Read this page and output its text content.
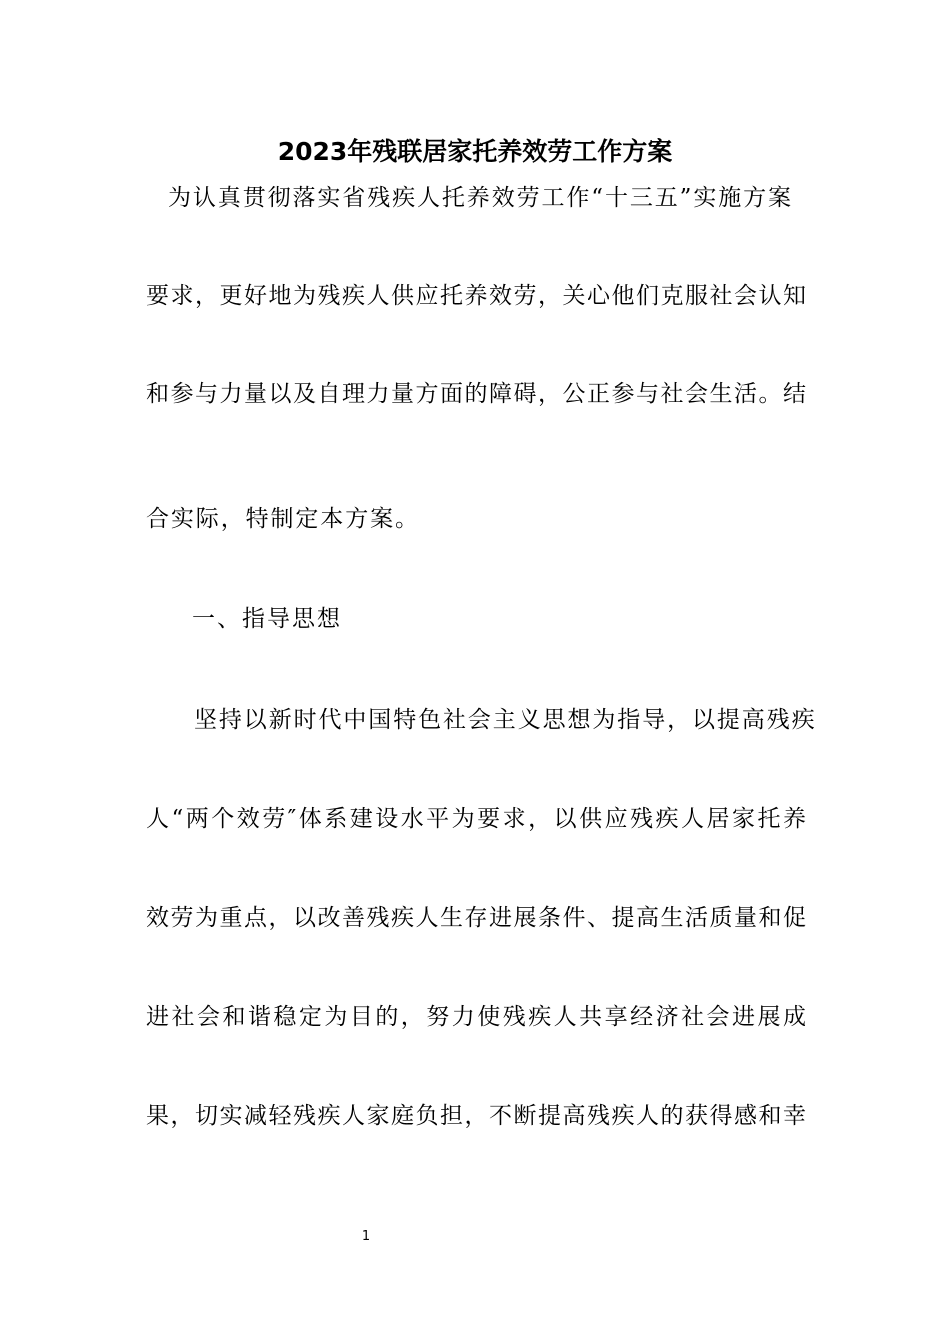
2023年残联居家托养效劳工作方案
为认真贯彻落实省残疾人托养效劳工作“十三五”实施方案
要求，更好地为残疾人供应托养效劳，关心他们克服社会认知
和参与力量以及自理力量方面的障碍，公正参与社会生活。结
合实际，特制定本方案。
一、指导思想
坚持以新时代中国特色社会主义思想为指导，以提高残疾
人“两个效劳″体系建设水平为要求，以供应残疾人居家托养
效劳为重点，以改善残疾人生存进展条件、提高生活质量和促
进社会和谐稳定为目的，努力使残疾人共享经济社会进展成
果，切实减轻残疾人家庭负担，不断提高残疾人的获得感和幸
1
